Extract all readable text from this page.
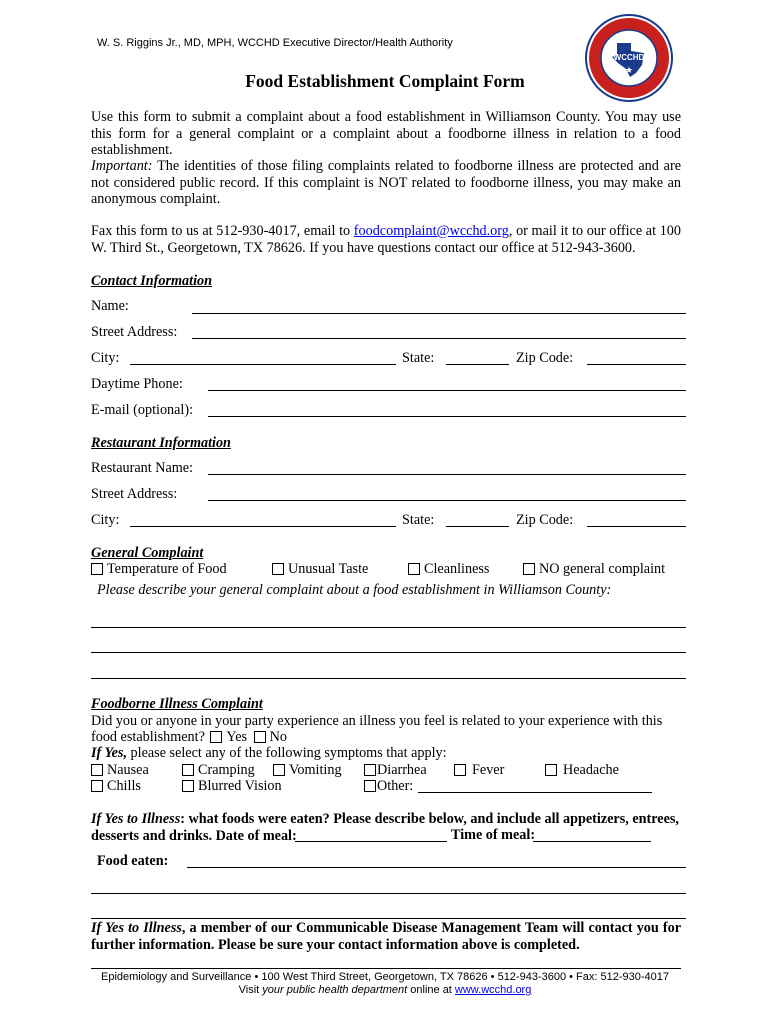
W. S. Riggins Jr., MD, MPH, WCCHD Executive Director/Health Authority
WCCHD
★
Food Establishment Complaint Form
Use this form to submit a complaint about a food establishment in Williamson County. You may use this form for a general complaint or a complaint about a foodborne illness in relation to a food establishment.
Important: The identities of those filing complaints related to foodborne illness are protected and are not considered public record. If this complaint is NOT related to foodborne illness, you may make an anonymous complaint.
Fax this form to us at 512-930-4017, email to foodcomplaint@wcchd.org, or mail it to our office at 100 W. Third St., Georgetown, TX 78626. If you have questions contact our office at 512-943-3600.
Contact Information
Name:
Street Address:
City:	State:	Zip Code:
Daytime Phone:
E-mail (optional):
Restaurant Information
Restaurant Name:
Street Address:
City:	State:	Zip Code:
General Complaint
Temperature of Food	Unusual Taste	Cleanliness	NO general complaint
Please describe your general complaint about a food establishment in Williamson County:
Foodborne Illness Complaint
Did you or anyone in your party experience an illness you feel is related to your experience with this food establishment? Yes No
If Yes, please select any of the following symptoms that apply:
Nausea	Cramping	Vomiting	Diarrhea	Fever	Headache
Chills	Blurred Vision	Other:
If Yes to Illness: what foods were eaten? Please describe below, and include all appetizers, entrees, desserts and drinks. Date of meal:	Time of meal:
Food eaten:
If Yes to Illness, a member of our Communicable Disease Management Team will contact you for further information. Please be sure your contact information above is completed.
Epidemiology and Surveillance • 100 West Third Street, Georgetown, TX 78626 • 512-943-3600 • Fax: 512-930-4017
Visit your public health department online at www.wcchd.org
